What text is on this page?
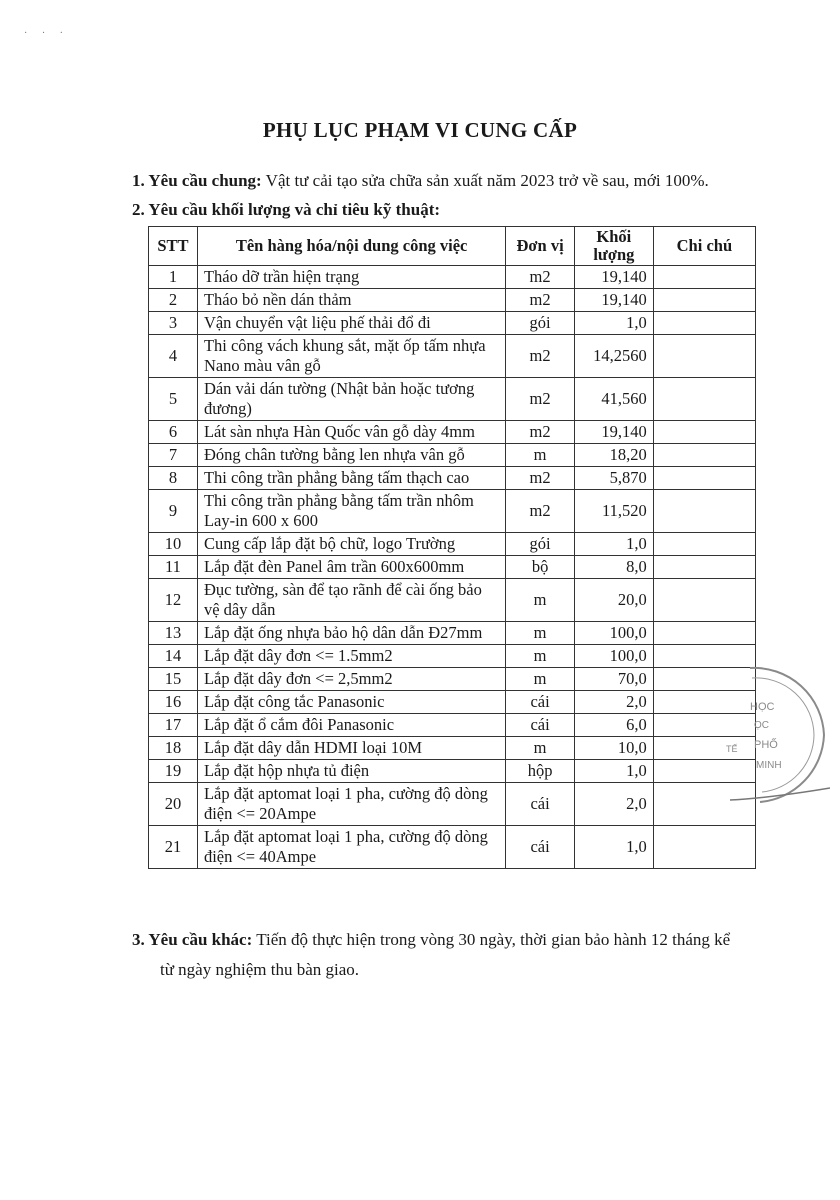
· · ·
PHỤ LỤC PHẠM VI CUNG CẤP
1. Yêu cầu chung: Vật tư cải tạo sửa chữa sản xuất năm 2023 trở về sau, mới 100%.
2. Yêu cầu khối lượng và chỉ tiêu kỹ thuật:
STT	Tên hàng hóa/nội dung công việc	Đơn vị	Khối lượng	Chi chú
1	Tháo dỡ trần hiện trạng	m2	19,140	
2	Tháo bỏ nền dán thảm	m2	19,140	
3	Vận chuyển vật liệu phế thải đổ đi	gói	1,0	
4	Thi công vách khung sắt, mặt ốp tấm nhựa Nano màu vân gỗ	m2	14,2560	
5	Dán vải dán tường (Nhật bản hoặc tương đương)	m2	41,560	
6	Lát sàn nhựa Hàn Quốc vân gỗ dày 4mm	m2	19,140	
7	Đóng chân tường bằng len nhựa vân gỗ	m	18,20	
8	Thi công trần phẳng bằng tấm thạch cao	m2	5,870	
9	Thi công trần phẳng bằng tấm trần nhôm Lay-in 600 x 600	m2	11,520	
10	Cung cấp lắp đặt bộ chữ, logo Trường	gói	1,0	
11	Lắp đặt đèn Panel âm trần 600x600mm	bộ	8,0	
12	Đục tường, sàn để tạo rãnh để cài ống bảo vệ dây dẫn	m	20,0	
13	Lắp đặt ống nhựa bảo hộ dân dẫn Đ27mm	m	100,0	
14	Lắp đặt dây đơn <= 1.5mm2	m	100,0	
15	Lắp đặt dây đơn <= 2,5mm2	m	70,0	
16	Lắp đặt công tắc Panasonic	cái	2,0	
17	Lắp đặt ổ cắm đôi Panasonic	cái	6,0	
18	Lắp đặt dây dẫn HDMI loại 10M	m	10,0	
19	Lắp đặt hộp nhựa tủ điện	hộp	1,0	
20	Lắp đặt aptomat loại 1 pha, cường độ dòng điện <= 20Ampe	cái	2,0	
21	Lắp đặt aptomat loại 1 pha, cường độ dòng điện <= 40Ampe	cái	1,0	
3. Yêu cầu khác: Tiến độ thực hiện trong vòng 30 ngày, thời gian bảo hành 12 tháng kể
từ ngày nghiệm thu bàn giao.
HỌC
ỌC
PHỐ
MINH
TẾ
